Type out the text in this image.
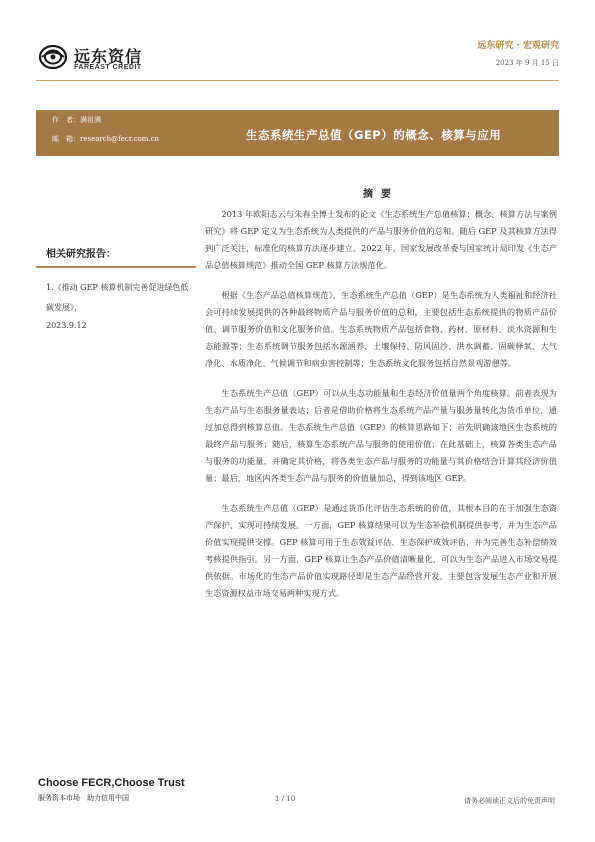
远东资信
FAREAST CREDIT
远东研究 · 宏观研究
2023 年 9 月 15 日
作　者：满祖满
邮　箱：research@fecr.com.cn	生态系统生产总值（GEP）的概念、核算与应用
相关研究报告：
1.《推动 GEP 核算机制完善促进绿色低碳发展》，
2023.9.12
摘要

2013 年欧阳志云与朱春全博士发布的论文《生态系统生产总值核算：概念、核算方法与案例研究》将 GEP 定义为生态系统为人类提供的产品与服务价值的总和。随后 GEP 及其核算方法得到广泛关注，标准化的核算方法逐步建立。2022 年，国家发展改革委与国家统计局印发《生态产品总值核算规范》推动全国 GEP 核算方法规范化。

根据《生态产品总值核算规范》，生态系统生产总值（GEP）是生态系统为人类福祉和经济社会可持续发展提供的各种最终物质产品与服务价值的总和，主要包括生态系统提供的物质产品价值、调节服务价值和文化服务价值。生态系统物质产品包括食物、药材、原材料、淡水资源和生态能源等；生态系统调节服务包括水源涵养、土壤保持、防风固沙、洪水调蓄、固碳释氧、大气净化、水质净化、气候调节和病虫害控制等；生态系统文化服务包括自然景观游憩等。

生态系统生产总值（GEP）可以从生态功能量和生态经济价值量两个角度核算。前者表现为生态产品与生态服务量表达；后者是借助价格将生态系统产品产量与服务量转化为货币单位，通过加总得到核算总值。生态系统生产总值（GEP）的核算思路如下：首先明确该地区生态系统的最终产品与服务；随后，核算生态系统产品与服务的使用价值；在此基础上，核算各类生态产品与服务的功能量，并确定其价格，将各类生态产品与服务的功能量与其价格结合计算其经济价值量；最后，地区内各类生态产品与服务的价值量加总，得到该地区 GEP。

生态系统生产总值（GEP）是通过货币化评估生态系统的价值，其根本目的在于加强生态资产保护、实现可持续发展。一方面，GEP 核算结果可以为生态补偿机制提供参考，并为生态产品价值实现提供支撑。GEP 核算可用于生态效益评估、生态保护成效评估，并为完善生态补偿绩效考核提供指引。另一方面，GEP 核算让生态产品价值清晰量化，可以为生态产品进入市场交易提供依据。市场化的生态产品价值实现路径即是生态产品经营开发，主要包含发展生态产业和开展生态资源权益市场交易两种实现方式。

Choose FECR,Choose Trust
服务资本市场　助力信用中国	1 / 10	请务必阅读正文后的免责声明
